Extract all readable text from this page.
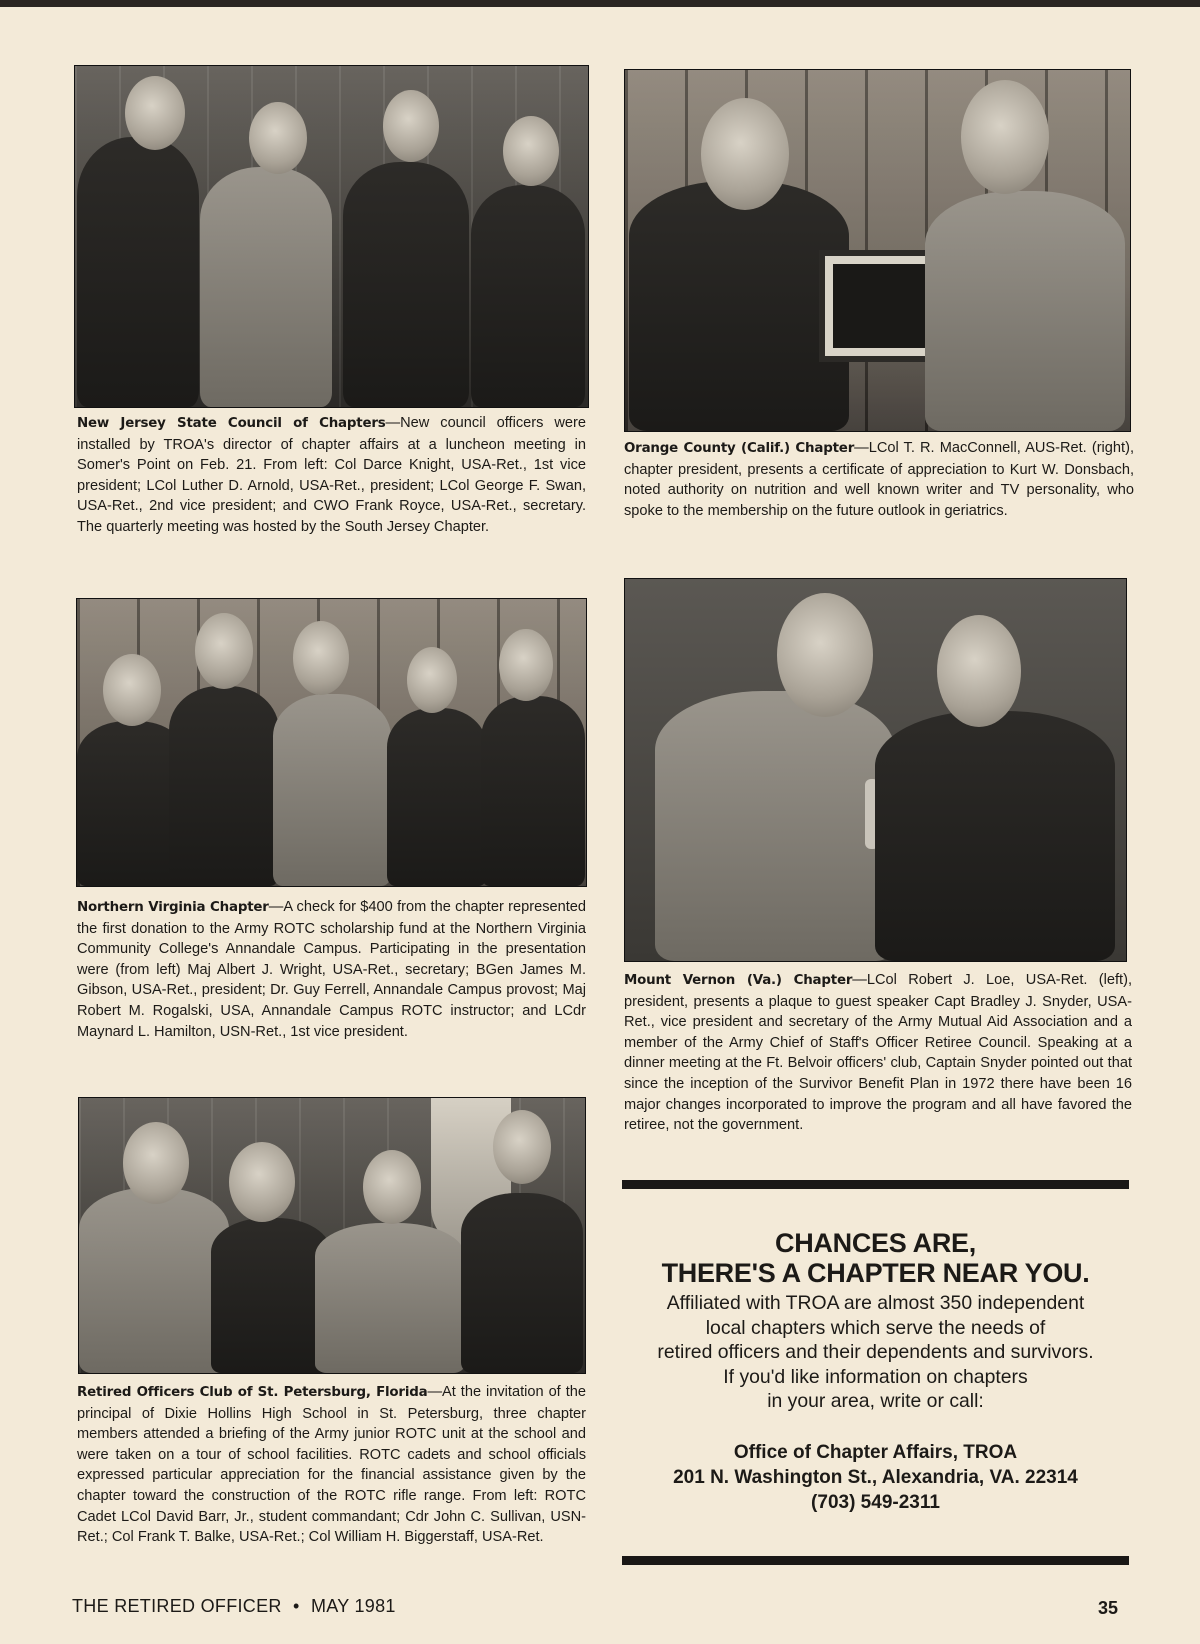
New Jersey State Council of Chapters—New council officers were installed by TROA's director of chapter affairs at a luncheon meeting in Somer's Point on Feb. 21. From left: Col Darce Knight, USA-Ret., 1st vice president; LCol Luther D. Arnold, USA-Ret., president; LCol George F. Swan, USA-Ret., 2nd vice president; and CWO Frank Royce, USA-Ret., secretary. The quarterly meeting was hosted by the South Jersey Chapter.

Orange County (Calif.) Chapter—LCol T. R. MacConnell, AUS-Ret. (right), chapter president, presents a certificate of appreciation to Kurt W. Donsbach, noted authority on nutrition and well known writer and TV personality, who spoke to the membership on the future outlook in geriatrics.

Northern Virginia Chapter—A check for $400 from the chapter represented the first donation to the Army ROTC scholarship fund at the Northern Virginia Community College's Annandale Campus. Participating in the presentation were (from left) Maj Albert J. Wright, USA-Ret., secretary; BGen James M. Gibson, USA-Ret., president; Dr. Guy Ferrell, Annandale Campus provost; Maj Robert M. Rogalski, USA, Annandale Campus ROTC instructor; and LCdr Maynard L. Hamilton, USN-Ret., 1st vice president.

Mount Vernon (Va.) Chapter—LCol Robert J. Loe, USA-Ret. (left), president, presents a plaque to guest speaker Capt Bradley J. Snyder, USA-Ret., vice president and secretary of the Army Mutual Aid Association and a member of the Army Chief of Staff's Officer Retiree Council. Speaking at a dinner meeting at the Ft. Belvoir officers' club, Captain Snyder pointed out that since the inception of the Survivor Benefit Plan in 1972 there have been 16 major changes incorporated to improve the program and all have favored the retiree, not the government.

Retired Officers Club of St. Petersburg, Florida—At the invitation of the principal of Dixie Hollins High School in St. Petersburg, three chapter members attended a briefing of the Army junior ROTC unit at the school and were taken on a tour of school facilities. ROTC cadets and school officials expressed particular appreciation for the financial assistance given by the chapter toward the construction of the ROTC rifle range. From left: ROTC Cadet LCol David Barr, Jr., student commandant; Cdr John C. Sullivan, USN-Ret.; Col Frank T. Balke, USA-Ret.; Col William H. Biggerstaff, USA-Ret.

CHANCES ARE,

THERE'S A CHAPTER NEAR YOU.

Affiliated with TROA are almost 350 independent

local chapters which serve the needs of

retired officers and their dependents and survivors.

If you'd like information on chapters

in your area, write or call:

Office of Chapter Affairs, TROA

201 N. Washington St., Alexandria, VA. 22314

(703) 549-2311

THE RETIRED OFFICER • MAY 1981	35
